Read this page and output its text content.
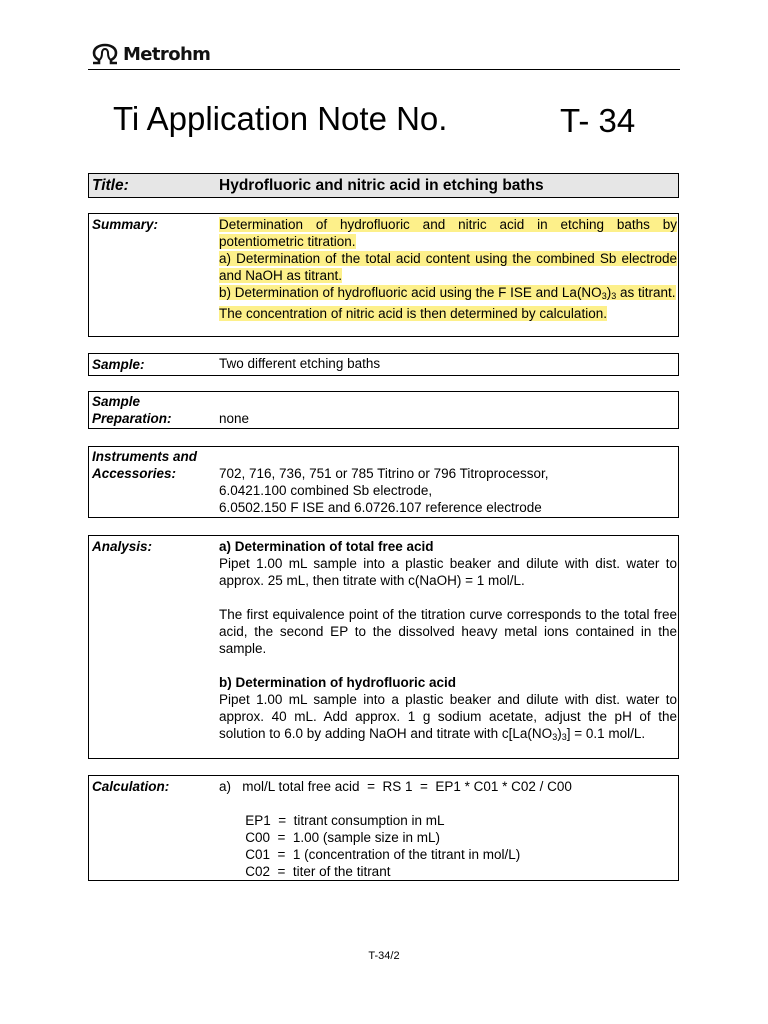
Metrohm
Ti Application Note No.	T- 34
Title:	Hydrofluoric and nitric acid in etching baths
Summary:	Determination of hydrofluoric and nitric acid in etching baths by potentiometric titration.
a) Determination of the total acid content using the combined Sb electrode and NaOH as titrant.
b) Determination of hydrofluoric acid using the F ISE and $La(NO_3)_3$ as titrant.
The concentration of nitric acid is then determined by calculation.
Sample:	Two different etching baths
Sample
Preparation:	none
Instruments and
Accessories:	702, 716, 736, 751 or 785 Titrino or 796 Titroprocessor,
6.0421.100 combined Sb electrode,
6.0502.150 F ISE and 6.0726.107 reference electrode
Analysis:	a) Determination of total free acid
Pipet 1.00 mL sample into a plastic beaker and dilute with dist. water to approx. 25 mL, then titrate with c(NaOH) = 1 mol/L.
The first equivalence point of the titration curve corresponds to the total free acid, the second EP to the dissolved heavy metal ions contained in the sample.
b) Determination of hydrofluoric acid
Pipet 1.00 mL sample into a plastic beaker and dilute with dist. water to approx. 40 mL. Add approx. 1 g sodium acetate, adjust the pH of the solution to 6.0 by adding NaOH and titrate with $c[La(NO_3)_3] = 0.1$ mol/L.
Calculation:	a)   mol/L total free acid  =  RS 1  =  EP1 * C01 * C02 / C00
EP1  =  titrant consumption in mL
C00  =  1.00 (sample size in mL)
C01  =  1 (concentration of the titrant in mol/L)
C02  =  titer of the titrant
T-34/2
